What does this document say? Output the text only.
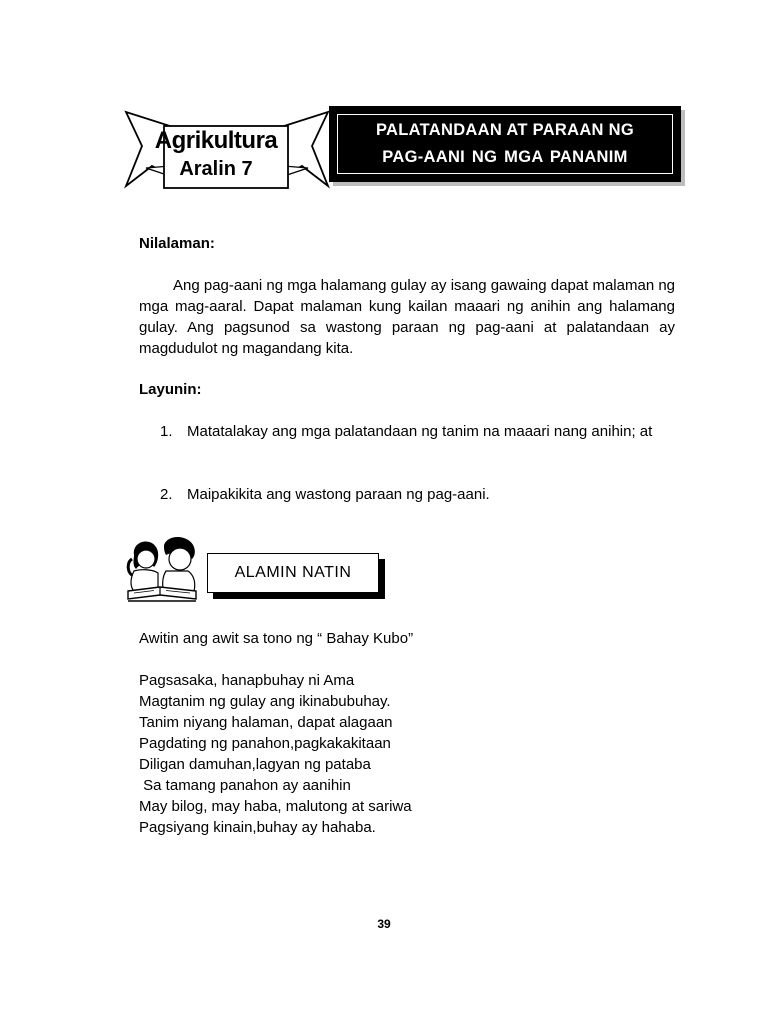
Agrikultura
Aralin 7
PALATANDAAN AT PARAAN NG
PAG-AANI NG MGA PANANIM
Nilalaman:
Ang pag-aani ng mga halamang gulay ay isang gawaing dapat malaman ng mga mag-aaral. Dapat malaman kung kailan maaari ng anihin ang halamang gulay. Ang pagsunod sa wastong paraan ng pag-aani at palatandaan ay magdudulot ng magandang kita.
Layunin:
1. Matatalakay ang mga palatandaan ng tanim na maaari nang anihin; at
2. Maipakikita ang wastong paraan ng pag-aani.
ALAMIN NATIN
Awitin ang awit sa tono ng “ Bahay Kubo”
Pagsasaka, hanapbuhay ni Ama
Magtanim ng gulay ang ikinabubuhay.
Tanim niyang halaman, dapat alagaan
Pagdating ng panahon,pagkakakitaan
Diligan damuhan,lagyan ng pataba
Sa tamang panahon ay aanihin
May bilog, may haba, malutong at sariwa
Pagsiyang kinain,buhay ay hahaba.
39
